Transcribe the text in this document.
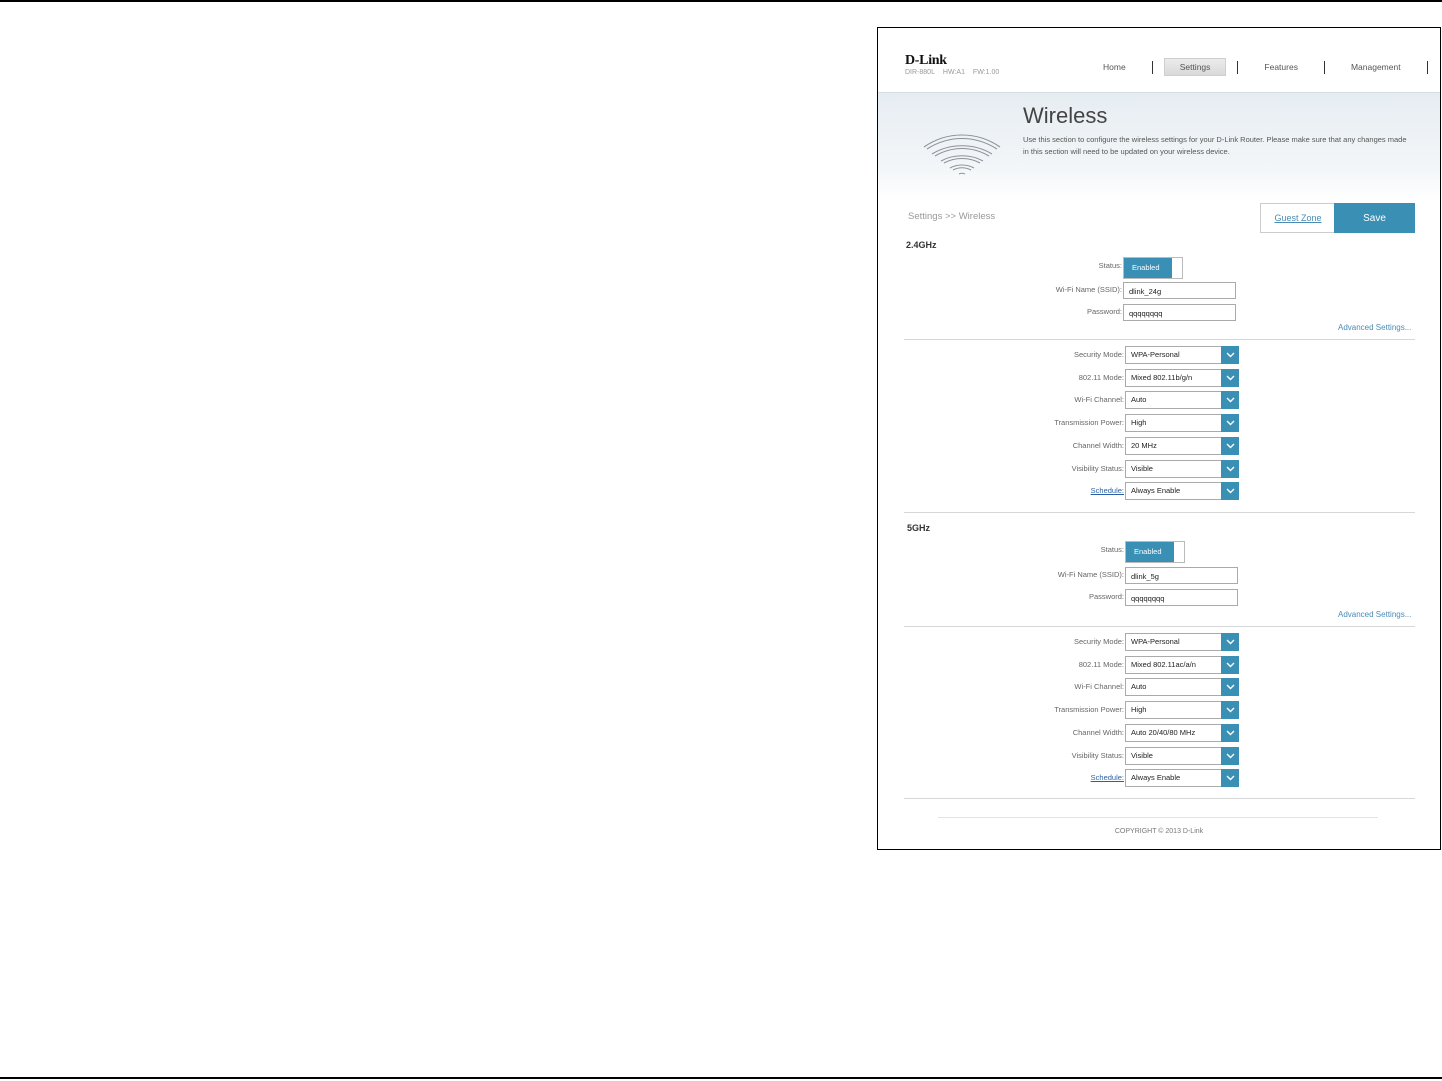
D-Link
DIR-880L HW:A1 FW:1.00
Home	Settings	Features	Management
Wireless
Use this section to configure the wireless settings for your D-Link Router. Please make sure that any changes made in this section will need to be updated on your wireless device.
Settings >> Wireless	Guest Zone	Save
2.4GHz
Status:	Enabled
Wi-Fi Name (SSID): dlink_24g
Password: qqqqqqqq
Advanced Settings...
Security Mode: WPA-Personal
802.11 Mode: Mixed 802.11b/g/n
Wi-Fi Channel: Auto
Transmission Power: High
Channel Width: 20 MHz
Visibility Status: Visible
Schedule: Always Enable
5GHz
Status:	Enabled
Wi-Fi Name (SSID): dlink_5g
Password: qqqqqqqq
Advanced Settings...
Security Mode: WPA-Personal
802.11 Mode: Mixed 802.11ac/a/n
Wi-Fi Channel: Auto
Transmission Power: High
Channel Width: Auto 20/40/80 MHz
Visibility Status: Visible
Schedule: Always Enable
COPYRIGHT © 2013 D-Link
